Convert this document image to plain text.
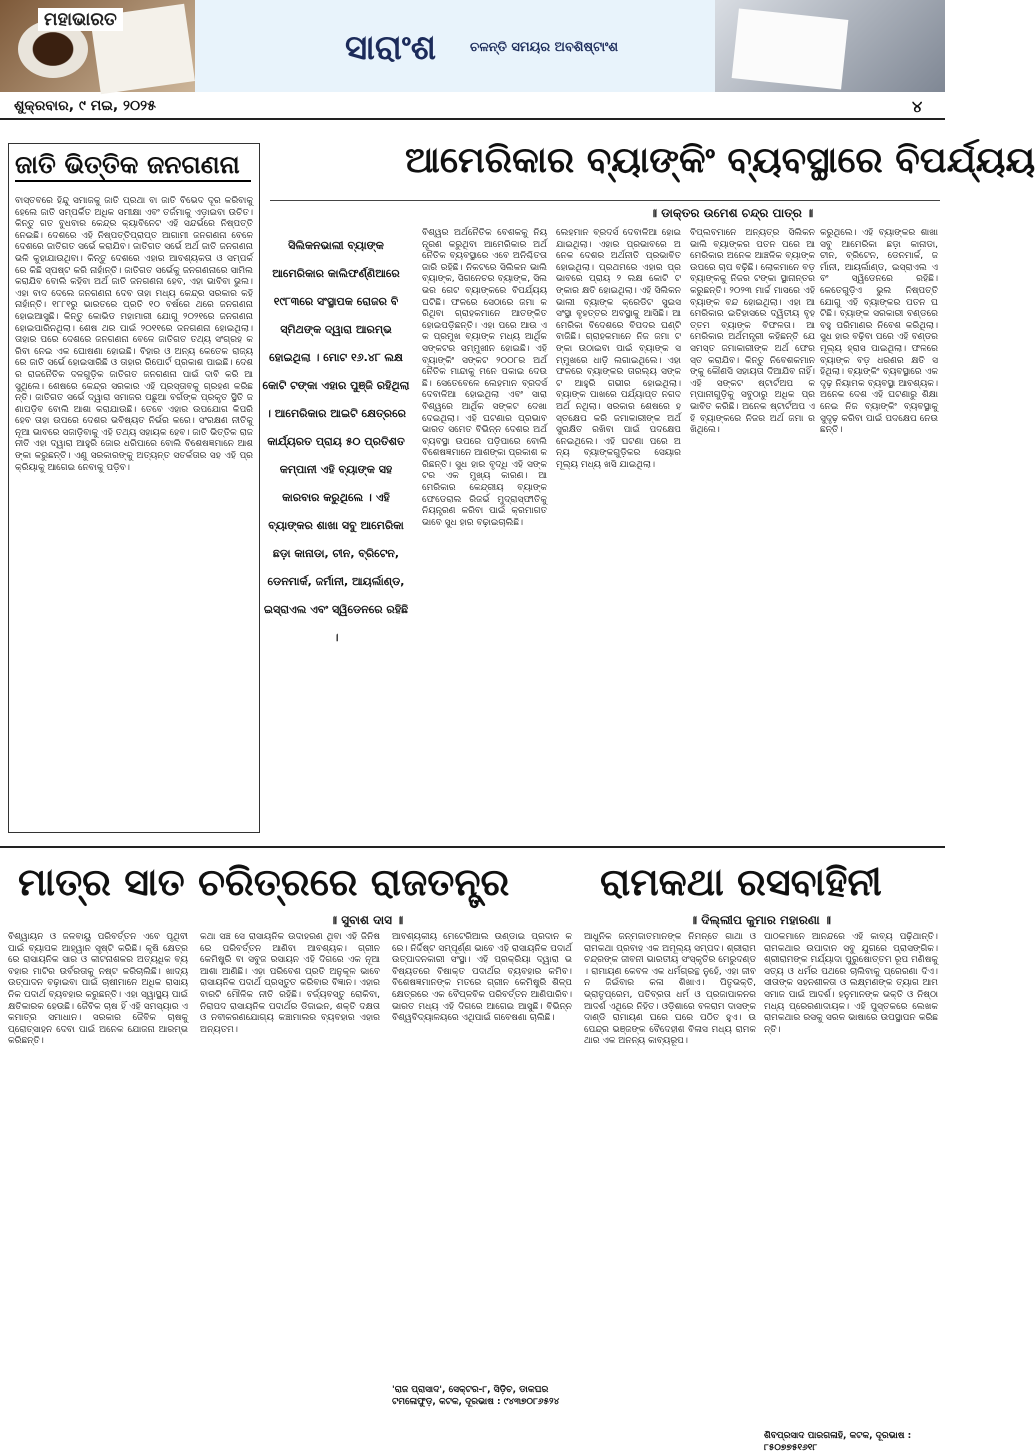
ମହାଭାରତ
ସାରାଂଶ	ଚଳନ୍ତି ସମୟର ଅବଶିଷ୍ଟାଂଶ
ଶୁକ୍ରବାର, ୯ ମଇ, ୨୦୨୫	୪
ଜାତି ଭିତ୍ତିକ ଜନଗଣନା
ବାସ୍ତବରେ ହିନ୍ଦୁ ସମାଜକୁ ଜାତି ପ୍ରଥା ବା ଜାତି ବିଭେଦ ଦୂର କରିବାକୁ ହେଲେ ଜାତି ସମ୍ପର୍କିତ ଅଧିକ ସମୀକ୍ଷା ଏବଂ ତର୍ଜମାକୁ ଏଡ଼ାଇବା ଉଚିତ। କିନ୍ତୁ ଗତ ବୁଧବାର କେନ୍ଦ୍ର କ୍ୟାବିନେଟ ଏହି ସନ୍ଦର୍ଭରେ ନିଷ୍ପତ୍ତି ନେଇଛି। ଦେଶରେ ଏହି ନିଷ୍ପତ୍ତିପ୍ରାପ୍ତ ଆଗାମୀ ଜନଗଣନା ବେଳେ ଦେଶରେ ଜାତିଗତ ସର୍ଭେ କରାଯିବ। ଜାତିଗତ ସର୍ଭେ ଅର୍ଥ ଜାତି ଜନଗଣନା ଭଳି କୁହାଯାଉଥିବା। କିନ୍ତୁ ଦେଶରେ ଏହାର ଆବଶ୍ୟକତା ଓ ସମ୍ପର୍କରେ କିଛି ସ୍ପଷ୍ଟ କରି ନାହାଁନ୍ତି। ଜାତିଗତ ସର୍ଭେକୁ ଜନଗଣନାରେ ସାମିଲ କରାଯିବ ବୋଲି କହିବା ଅର୍ଥ ଜାତି ଜନଗଣନା ହେବ, ଏହା ଭାବିବା ଭୁଲ। ଏହା ବାଦ ଦେଲେ ଜନଗଣନା ଦେବ ତାହା ମଧ୍ୟ କେନ୍ଦ୍ର ସରକାର କହି ନାହାଁନ୍ତି। ୧୮୮୧ରୁ ଭାରତରେ ପ୍ରତି ୧୦ ବର୍ଷରେ ଥରେ ଜନଗଣନା ହୋଇଆସୁଛି। କିନ୍ତୁ କୋଭିଡ ମହାମାରୀ ଯୋଗୁ ୨୦୨୧ରେ ଜନଗଣନା ହୋଇପାରିନଥିଲା। ଶେଷ ଥର ପାଇଁ ୨୦୧୧ରେ ଜନଗଣନା ହୋଇଥିଲା। ତାହାର ପରେ ଦେଶରେ ଜନଗଣନା ବେଳେ ଜାତିଗତ ତଥ୍ୟ ସଂଗ୍ରହ କରିବା ନେଇ ଏକ ଘୋଷଣା ହୋଇଛି। ବିହାର ଓ ଅନ୍ୟ କେତେକ ରାଜ୍ୟରେ ଜାତି ସର୍ଭେ ହୋଇସାରିଛି ଓ ତାହାର ରିପୋର୍ଟ ପ୍ରକାଶ ପାଇଛି। ଦେଶର ରାଜନୈତିକ ଦଳଗୁଡ଼ିକ ଜାତିଗତ ଜନଗଣନା ପାଇଁ ଦାବି କରି ଆସୁଥିଲେ। ଶେଷରେ କେନ୍ଦ୍ର ସରକାର ଏହି ପ୍ରସ୍ତାବକୁ ଗ୍ରହଣ କରିଛନ୍ତି। ଜାତିଗତ ସର୍ଭେ ଦ୍ୱାରା ସମାଜର ପଛୁଆ ବର୍ଗଙ୍କ ପ୍ରକୃତ ସ୍ଥିତି ଜଣାପଡ଼ିବ ବୋଲି ଆଶା କରାଯାଉଛି। ତେବେ ଏହାର ଉପଯୋଗ କିପରି ହେବ ତାହା ଉପରେ ଦେଶର ଭବିଷ୍ୟତ ନିର୍ଭର କରେ। ସଂରକ୍ଷଣ ନୀତିକୁ ନୂଆ ଭାବରେ ସଜାଡ଼ିବାକୁ ଏହି ତଥ୍ୟ ସହାୟକ ହେବ। ଜାତି ଭିତ୍ତିକ ରାଜନୀତି ଏହା ଦ୍ୱାରା ଆହୁରି ଜୋର ଧରିପାରେ ବୋଲି ବିଶେଷଜ୍ଞମାନେ ଆଶଙ୍କା କରୁଛନ୍ତି। ଏଣୁ ସରକାରଙ୍କୁ ଅତ୍ୟନ୍ତ ସତର୍କତାର ସହ ଏହି ପ୍ରକ୍ରିୟାକୁ ଆଗେଇ ନେବାକୁ ପଡ଼ିବ।
ଆମେରିକାର ବ୍ୟାଙ୍କିଂ ବ୍ୟବସ୍ଥାରେ ବିପର୍ଯ୍ୟୟ
॥ ଡାକ୍ତର ଉମେଶ ଚନ୍ଦ୍ର ପାତ୍ର ॥
ସିଲିକନଭାଲୀ ବ୍ୟାଙ୍କ ଆମେରିକାର କାଲିଫର୍ଣ୍ଣିଆରେ ୧୯୮୩ରେ ସଂସ୍ଥାପକ ରୋଜର ବି ସ୍ମିଥଙ୍କ ଦ୍ୱାରା ଆରମ୍ଭ ହୋଇଥିଲା । ମୋଟ ୧୬.୪୮ ଲକ୍ଷ କୋଟି ଟଙ୍କା ଏହାର ପୁଞ୍ଜି ରହିଥିଲା । ଆମେରିକାର ଆଇଟି କ୍ଷେତ୍ରରେ କାର୍ଯ୍ୟରତ ପ୍ରାୟ ୫୦ ପ୍ରତିଶତ କମ୍ପାନୀ ଏହି ବ୍ୟାଙ୍କ ସହ କାରବାର କରୁଥିଲେ । ଏହି ବ୍ୟାଙ୍କର ଶାଖା ସବୁ ଆମେରିକା ଛଡ଼ା କାନାଡା, ଚୀନ, ବ୍ରିଟେନ, ଡେନମାର୍କ, ଜର୍ମାନୀ, ଆୟର୍ଲାଣ୍ଡ, ଇସ୍ରାଏଲ ଏବଂ ସ୍ୱିଡେନରେ ରହିଛି ।
ବିଶ୍ୱର ଅର୍ଥନୈତିକ ବେଶକକୁ ନିୟନ୍ତ୍ରଣ କରୁଥିବା ଆମେରିକାର ଅର୍ଥନୈତିକ ବ୍ୟବସ୍ଥାରେ ଏବେ ଅନିଶ୍ଚିତତା ଜାରି ରହିଛି। ନିକଟରେ ସିଲିକନ ଭାଲି ବ୍ୟାଙ୍କ, ସିଗନେଚର ବ୍ୟାଙ୍କ, ସିଲଭର ଗେଟ ବ୍ୟାଙ୍କରେ ବିପର୍ଯ୍ୟୟ ଘଟିଛି। ଫଳରେ ସେଠାରେ ଜମା କରିଥିବା ଗ୍ରାହକମାନେ ଆତଙ୍କିତ ହୋଇପଡ଼ିଛନ୍ତି। ଏହା ପରେ ଆଉ ଏକ ପ୍ରମୁଖ ବ୍ୟାଙ୍କ ମଧ୍ୟ ଆର୍ଥିକ ସଙ୍କଟର ସମ୍ମୁଖୀନ ହୋଇଛି। ଏହି ବ୍ୟାଙ୍କିଂ ସଙ୍କଟ ୨୦୦୮ର ଅର୍ଥନୈତିକ ମାନ୍ଦାକୁ ମନେ ପକାଇ ଦେଉଛି। ସେତେବେଳେ ଲେହମାନ ବ୍ରଦର୍ସ ଦେବାଳିଆ ହୋଇଥିଲା ଏବଂ ସାରା ବିଶ୍ୱରେ ଆର୍ଥିକ ସଙ୍କଟ ଦେଖା ଦେଇଥିଲା। ଏହି ଘଟଣାର ପ୍ରଭାବ ଭାରତ ସମେତ ବିଭିନ୍ନ ଦେଶର ଅର୍ଥବ୍ୟବସ୍ଥା ଉପରେ ପଡ଼ିପାରେ ବୋଲି ବିଶେଷଜ୍ଞମାନେ ଆଶଙ୍କା ପ୍ରକାଶ କରିଛନ୍ତି। ସୁଧ ହାର ବୃଦ୍ଧି ଏହି ସଙ୍କଟର ଏକ ମୁଖ୍ୟ କାରଣ। ଆମେରିକାର କେନ୍ଦ୍ରୀୟ ବ୍ୟାଙ୍କ ଫେଡେରାଲ ରିଜର୍ଭ ମୁଦ୍ରାସ୍ଫୀତିକୁ ନିୟନ୍ତ୍ରଣ କରିବା ପାଇଁ କ୍ରମାଗତ ଭାବେ ସୁଧ ହାର ବଢ଼ାଇଚାଲିଛି।
ଲେହମାନ ବ୍ରଦର୍ସ ଦେବାଳିଆ ହୋଇଯାଇଥିଲା। ଏହାର ପ୍ରଭାବରେ ଅନେକ ଦେଶର ଅର୍ଥନୀତି ପ୍ରଭାବିତ ହୋଇଥିଲା। ପ୍ରଥମରେ ଏହାର ପ୍ରଭାବରେ ପ୍ରାୟ ୨ ଲକ୍ଷ କୋଟି ଟଙ୍କାର କ୍ଷତି ହୋଇଥିଲା। ଏହି ସିଲିକନଭାଲୀ ବ୍ୟାଙ୍କ କ୍ରେଡିଟ ସୁଇସ ସଂସ୍ଥା ବୃହତ୍ତର ଅବସ୍ଥାକୁ ଆସିଛି। ଆମେରିକା ବିଦେଶରେ ବିପଦର ଘଣ୍ଟି ବାଜିଛି। ଗ୍ରାହକମାନେ ନିଜ ଜମା ଟଙ୍କା ଉଠାଇବା ପାଇଁ ବ୍ୟାଙ୍କ ସମ୍ମୁଖରେ ଧାଡ଼ି ଲଗାଇଥିଲେ। ଏହା ଫଳରେ ବ୍ୟାଙ୍କର ତାରଲ୍ୟ ସଙ୍କଟ ଆହୁରି ଗଭୀର ହୋଇଥିଲା। ବ୍ୟାଙ୍କ ପାଖରେ ପର୍ଯ୍ୟାପ୍ତ ନଗଦ ଅର୍ଥ ନଥିଲା। ସରକାର ଶେଷରେ ହସ୍ତକ୍ଷେପ କରି ଜମାକାରୀଙ୍କ ଅର୍ଥ ସୁରକ୍ଷିତ ରଖିବା ପାଇଁ ପଦକ୍ଷେପ ନେଇଥିଲେ। ଏହି ଘଟଣା ପରେ ଅନ୍ୟ ବ୍ୟାଙ୍କଗୁଡ଼ିକର ସେୟାର ମୂଲ୍ୟ ମଧ୍ୟ ଖସି ଯାଇଥିଲା।
ବିପ୍ଲବମାନେ ଅନ୍ୟତ୍ର ସିଲିକନ ଭାଲି ବ୍ୟାଙ୍କର ପତନ ପରେ ଆମେରିକାର ଅନେକ ଆଞ୍ଚଳିକ ବ୍ୟାଙ୍କ ଉପରେ ଚାପ ବଢ଼ିଛି। ଲୋକମାନେ ବଡ଼ ବ୍ୟାଙ୍କକୁ ନିଜର ଟଙ୍କା ସ୍ଥାନାନ୍ତର କରୁଛନ୍ତି। ୨୦୨୩ ମାର୍ଚ୍ଚ ମାସରେ ଏହି ବ୍ୟାଙ୍କ ବନ୍ଦ ହୋଇଥିଲା। ଏହା ଆମେରିକାର ଇତିହାସରେ ଦ୍ୱିତୀୟ ବୃହତ୍ତମ ବ୍ୟାଙ୍କ ବିଫଳତା। ଆମେରିକାର ଅର୍ଥମନ୍ତ୍ରୀ କହିଛନ୍ତି ଯେ ସମସ୍ତ ଜମାକାରୀଙ୍କ ଅର୍ଥ ଫେରସ୍ତ କରାଯିବ। କିନ୍ତୁ ନିବେଶକମାନଙ୍କୁ କୌଣସି ସହାୟତା ଦିଆଯିବ ନାହିଁ। ଏହି ସଙ୍କଟ ଷ୍ଟାର୍ଟଅପ କମ୍ପାନୀଗୁଡ଼ିକୁ ସବୁଠାରୁ ଅଧିକ ପ୍ରଭାବିତ କରିଛି। ଅନେକ ଷ୍ଟାର୍ଟଅପ ଏହି ବ୍ୟାଙ୍କରେ ନିଜର ଅର୍ଥ ଜମା ରଖିଥିଲେ।
କରୁଥିଲେ। ଏହି ବ୍ୟାଙ୍କର ଶାଖା ସବୁ ଆମେରିକା ଛଡ଼ା କାନାଡା, ଚୀନ, ବ୍ରିଟେନ, ଡେନମାର୍କ, ଜର୍ମାନୀ, ଆୟର୍ଲାଣ୍ଡ, ଇସ୍ରାଏଲ ଏବଂ ସ୍ୱିଡେନରେ ରହିଛି। କେତେଗୁଡ଼ିଏ ଭୁଲ ନିଷ୍ପତ୍ତି ଯୋଗୁ ଏହି ବ୍ୟାଙ୍କର ପତନ ଘଟିଛି। ବ୍ୟାଙ୍କ ସରକାରୀ ବଣ୍ଡରେ ବହୁ ପରିମାଣର ନିବେଶ କରିଥିଲା। ସୁଧ ହାର ବଢ଼ିବା ପରେ ଏହି ବଣ୍ଡର ମୂଲ୍ୟ ହ୍ରାସ ପାଇଥିଲା। ଫଳରେ ବ୍ୟାଙ୍କ ବଡ଼ ଧରଣର କ୍ଷତି ସହିଥିଲା। ବ୍ୟାଙ୍କିଂ ବ୍ୟବସ୍ଥାରେ ଏକ ଦୃଢ଼ ନିୟାମକ ବ୍ୟବସ୍ଥା ଆବଶ୍ୟକ। ଅନେକ ଦେଶ ଏହି ଘଟଣାରୁ ଶିକ୍ଷା ନେଇ ନିଜ ବ୍ୟାଙ୍କିଂ ବ୍ୟବସ୍ଥାକୁ ସୁଦୃଢ଼ କରିବା ପାଇଁ ପଦକ୍ଷେପ ନେଉଛନ୍ତି।
ମାତ୍ର ସାତ ଚରିତ୍ରରେ ରାଜତନ୍ତ୍ର
॥ ସୁବାଶ ଦାସ ॥
ବିଶ୍ୱାୟନ ଓ ଜଳବାୟୁ ପରିବର୍ତ୍ତନ ଏବେ ପୃଥିବୀ ପାଇଁ ବ୍ୟାପକ ଆହ୍ୱାନ ସୃଷ୍ଟି କରିଛି। କୃଷି କ୍ଷେତ୍ରରେ ରାସାୟନିକ ସାର ଓ କୀଟନାଶକର ଅତ୍ୟଧିକ ବ୍ୟବହାର ମାଟିର ଉର୍ବରତାକୁ ନଷ୍ଟ କରିଚାଲିଛି। ଖାଦ୍ୟ ଉତ୍ପାଦନ ବଢ଼ାଇବା ପାଇଁ ଚାଷୀମାନେ ଅଧିକ ରାସାୟନିକ ପଦାର୍ଥ ବ୍ୟବହାର କରୁଛନ୍ତି। ଏହା ସ୍ୱାସ୍ଥ୍ୟ ପାଇଁ କ୍ଷତିକାରକ ହେଉଛି। ଜୈବିକ ଚାଷ ହିଁ ଏହି ସମସ୍ୟାର ଏକମାତ୍ର ସମାଧାନ। ସରକାର ଜୈବିକ ଚାଷକୁ ପ୍ରୋତ୍ସାହନ ଦେବା ପାଇଁ ଅନେକ ଯୋଜନା ଆରମ୍ଭ କରିଛନ୍ତି।
କଥା ସଞ୍ଚ ସେ ରାସାୟନିକ ଉଦାହରଣ ଥିବା ଏହି ଜିନିଷରେ ପରିବର୍ତ୍ତନ ଆଣିବା ଆବଶ୍ୟକ। ଗ୍ରୀନ କେମିଷ୍ଟ୍ରି ବା ସବୁଜ ରସାୟନ ଏହି ଦିଗରେ ଏକ ନୂଆ ଆଶା ଆଣିଛି। ଏହା ପରିବେଶ ପ୍ରତି ଅନୁକୂଳ ଭାବେ ରାସାୟନିକ ପଦାର୍ଥ ପ୍ରସ୍ତୁତ କରିବାର ବିଜ୍ଞାନ। ଏହାର ବାରଟି ମୌଳିକ ନୀତି ରହିଛି। ବର୍ଜ୍ୟବସ୍ତୁ ରୋକିବା, ନିରାପଦ ରାସାୟନିକ ପଦାର୍ଥର ଡିଜାଇନ, ଶକ୍ତି ଦକ୍ଷତା ଓ ନବୀକରଣଯୋଗ୍ୟ କଞ୍ଚାମାଲର ବ୍ୟବହାର ଏହାର ଅନ୍ୟତମ।
ଆବଶ୍ୟକୀୟ ମେଟେରିଆଲ ଉଣ୍ଡାଇ ପ୍ରଦାନ କରେ। ନିର୍ଦ୍ଦିଷ୍ଟ ସମ୍ପୂର୍ଣ୍ଣ ଭାବେ ଏହି ରାସାୟନିକ ପଦାର୍ଥ ଉତ୍ପାଦନକାରୀ ସଂସ୍ଥା। ଏହି ପ୍ରକ୍ରିୟା ଦ୍ୱାରା ଭବିଷ୍ୟତରେ ବିଷାକ୍ତ ପଦାର୍ଥର ବ୍ୟବହାର କମିବ। ବିଶେଷଜ୍ଞମାନଙ୍କ ମତରେ ଗ୍ରୀନ କେମିଷ୍ଟ୍ରି ଶିଳ୍ପ କ୍ଷେତ୍ରରେ ଏକ ବୈପ୍ଳବିକ ପରିବର୍ତ୍ତନ ଆଣିପାରିବ। ଭାରତ ମଧ୍ୟ ଏହି ଦିଗରେ ଆଗେଇ ଆସୁଛି। ବିଭିନ୍ନ ବିଶ୍ୱବିଦ୍ୟାଳୟରେ ଏଥିପାଇଁ ଗବେଷଣା ଚାଲିଛି।
'ରାଜ ପ୍ରାସାଦ', ସେକ୍ଟର-୮, ସିଡ଼ିଚ, ଡାକଘର ଟମଳୋଫୁଡ଼, କଟକ, ଦୂରଭାଷ : ୯୪୩୭୦୮୬୫୨୪
ରାମକଥା ରସବାହିନୀ
॥ ଦିଲ୍ଲୀପ କୁମାର ମହାରଣା ॥
ଆଧୁନିକ ଜନ୍ମଜାତମାନଙ୍କ ନିମନ୍ତେ ଗାଥା ଓ ରାମକଥା ପ୍ରବାହ ଏକ ଅମୂଲ୍ୟ ସମ୍ପଦ। ଶ୍ରୀରାମଚନ୍ଦ୍ରଙ୍କ ଜୀବନୀ ଭାରତୀୟ ସଂସ୍କୃତିର ମେରୁଦଣ୍ଡ। ରାମାୟଣ କେବଳ ଏକ ଧର୍ମଗ୍ରନ୍ଥ ନୁହେଁ, ଏହା ଜୀବନ ଜିଇଁବାର କଳା ଶିଖାଏ। ପିତୃଭକ୍ତି, ଭ୍ରାତୃପ୍ରେମ, ପତିବ୍ରତା ଧର୍ମ ଓ ପ୍ରଜାପାଳନର ଆଦର୍ଶ ଏଥିରେ ନିହିତ। ଓଡ଼ିଶାରେ ବଳରାମ ଦାସଙ୍କ ଦାଣ୍ଡି ରାମାୟଣ ଘରେ ଘରେ ପଠିତ ହୁଏ। ଉପେନ୍ଦ୍ର ଭଞ୍ଜଙ୍କ ବୈଦେହୀଶ ବିଳାସ ମଧ୍ୟ ରାମକଥାର ଏକ ଅନନ୍ୟ କାବ୍ୟରୂପ।
ପାଠକମାନେ ଆନନ୍ଦରେ ଏହି କାବ୍ୟ ପଢ଼ିଥାନ୍ତି। ରାମକଥାର ଉପାଦାନ ସବୁ ଯୁଗରେ ପ୍ରାସଙ୍ଗିକ। ଶ୍ରୀରାମଙ୍କ ମର୍ଯ୍ୟାଦା ପୁରୁଷୋତ୍ତମ ରୂପ ମଣିଷକୁ ସତ୍ୟ ଓ ଧର୍ମର ପଥରେ ଚାଲିବାକୁ ପ୍ରେରଣା ଦିଏ। ସୀତାଙ୍କ ସହନଶୀଳତା ଓ ଲକ୍ଷ୍ମଣଙ୍କ ତ୍ୟାଗ ଆମ ସମାଜ ପାଇଁ ଆଦର୍ଶ। ହନୁମାନଙ୍କ ଭକ୍ତି ଓ ନିଷ୍ଠା ମଧ୍ୟ ପ୍ରେରଣାଦାୟକ। ଏହି ପୁସ୍ତକରେ ଲେଖକ ରାମକଥାର ରସକୁ ସରଳ ଭାଷାରେ ଉପସ୍ଥାପନ କରିଛନ୍ତି।
ଶିବପ୍ରସାଦ ପାରଗଳାହି, କଟକ, ଦୂରଭାଷ : ୮୫୦୭୭୫୧୬୧୮
